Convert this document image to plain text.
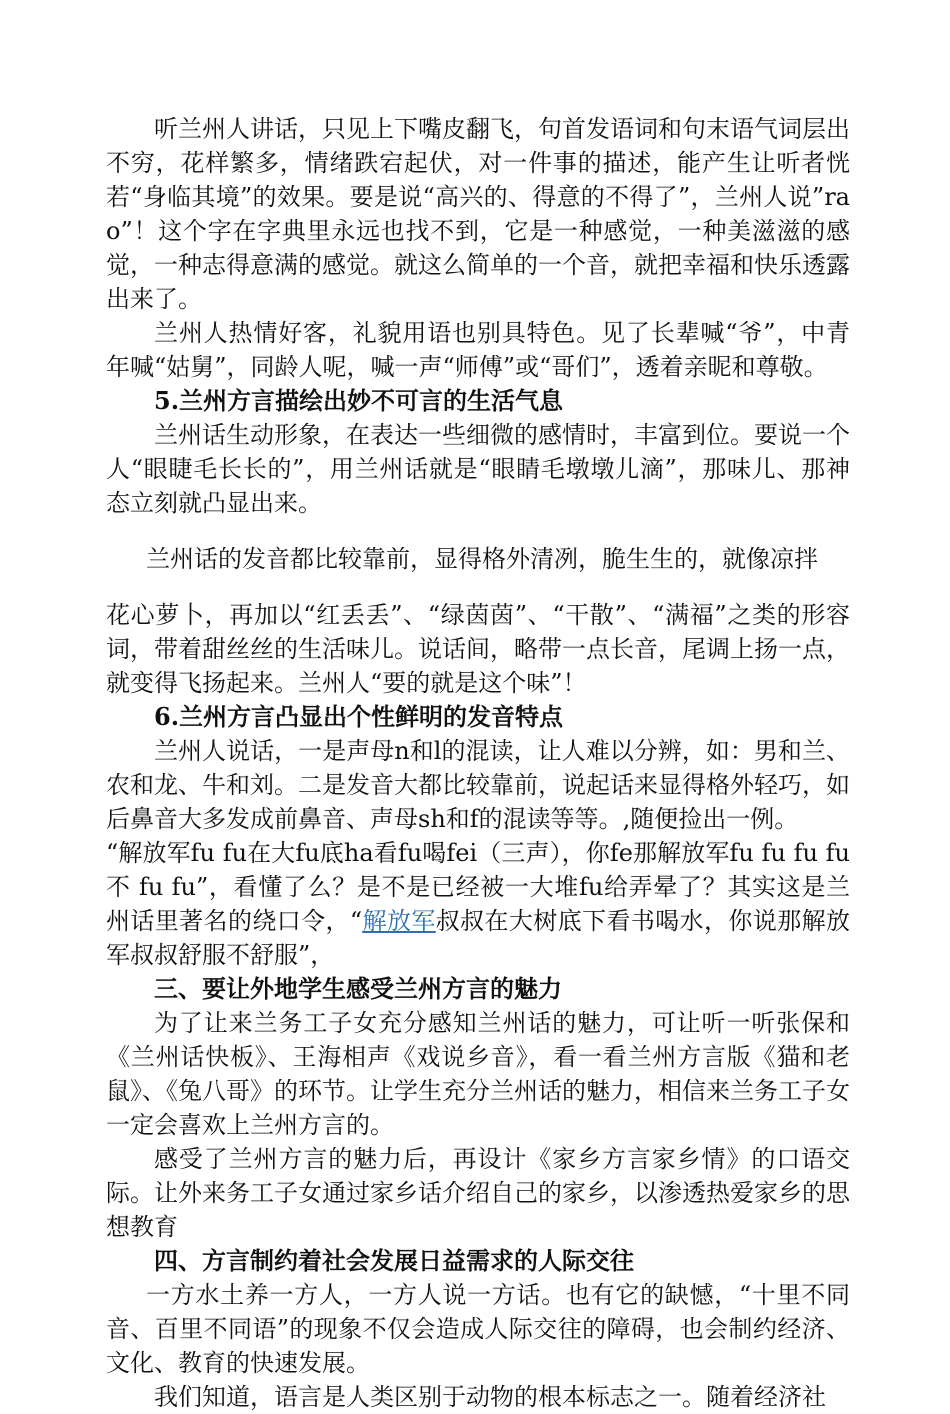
听兰州人讲话，只见上下嘴皮翻飞，句首发语词和句末语气词层出不穷，花样繁多，情绪跌宕起伏，对一件事的描述，能产生让听者恍若“身临其境”的效果。要是说“高兴的、得意的不得了”，兰州人说”rao”！这个字在字典里永远也找不到，它是一种感觉，一种美滋滋的感觉，一种志得意满的感觉。就这么简单的一个音，就把幸福和快乐透露出来了。

兰州人热情好客，礼貌用语也别具特色。见了长辈喊“爷”，中青年喊“姑舅”，同龄人呢，喊一声“师傅”或“哥们”，透着亲昵和尊敬。

5.兰州方言描绘出妙不可言的生活气息

兰州话生动形象，在表达一些细微的感情时，丰富到位。要说一个人“眼睫毛长长的”，用兰州话就是“眼睛毛墩墩儿滴”，那味儿、那神态立刻就凸显出来。

兰州话的发音都比较靠前，显得格外清冽，脆生生的，就像凉拌

花心萝卜，再加以“红丢丢”、“绿茵茵”、“干散”、“满福”之类的形容词，带着甜丝丝的生活味儿。说话间，略带一点长音，尾调上扬一点，就变得飞扬起来。兰州人“要的就是这个味”！

6.兰州方言凸显出个性鲜明的发音特点

兰州人说话，一是声母n和l的混读，让人难以分辨，如：男和兰、农和龙、牛和刘。二是发音大都比较靠前，说起话来显得格外轻巧，如后鼻音大多发成前鼻音、声母sh和f的混读等等。,随便捡出一例。

“解放军fu fu在大fu底ha看fu喝fei（三声），你fe那解放军fu fu fu fu 不 fu fu”，看懂了么？是不是已经被一大堆fu给弄晕了？其实这是兰州话里著名的绕口令，“解放军叔叔在大树底下看书喝水，你说那解放军叔叔舒服不舒服”，

三、要让外地学生感受兰州方言的魅力

为了让来兰务工子女充分感知兰州话的魅力，可让听一听张保和《兰州话快板》、王海相声《戏说乡音》，看一看兰州方言版《猫和老鼠》、《兔八哥》的环节。让学生充分兰州话的魅力，相信来兰务工子女一定会喜欢上兰州方言的。

感受了兰州方言的魅力后，再设计《家乡方言家乡情》的口语交际。让外来务工子女通过家乡话介绍自己的家乡，以渗透热爱家乡的思想教育

四、方言制约着社会发展日益需求的人际交往

一方水土养一方人，一方人说一方话。也有它的缺憾，“十里不同音、百里不同语”的现象不仅会造成人际交往的障碍，也会制约经济、文化、教育的快速发展。

我们知道，语言是人类区别于动物的根本标志之一。随着经济社
